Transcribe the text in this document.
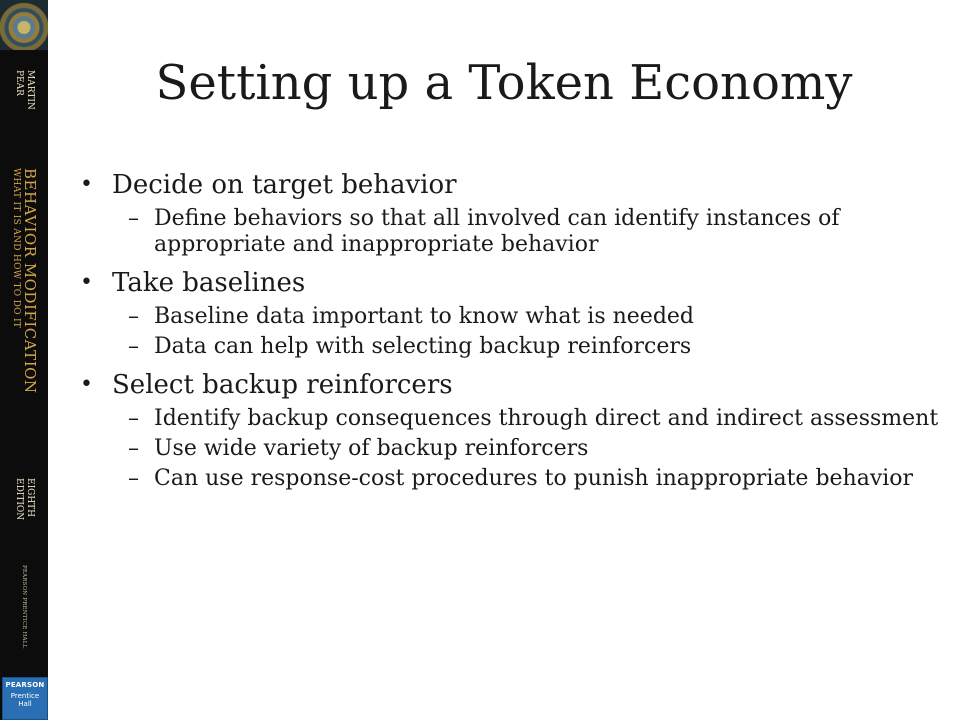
MARTIN
PEAR
BEHAVIOR MODIFICATION
WHAT IT IS AND HOW TO DO IT
EIGHTH
EDITION
PEARSON PRENTICE HALL
PEARSON
Prentice Hall
Setting up a Token Economy
• Decide on target behavior
– Define behaviors so that all involved can identify instances of appropriate and inappropriate behavior
• Take baselines
– Baseline data important to know what is needed
– Data can help with selecting backup reinforcers
• Select backup reinforcers
– Identify backup consequences through direct and indirect assessment
– Use wide variety of backup reinforcers
– Can use response-cost procedures to punish inappropriate behavior
